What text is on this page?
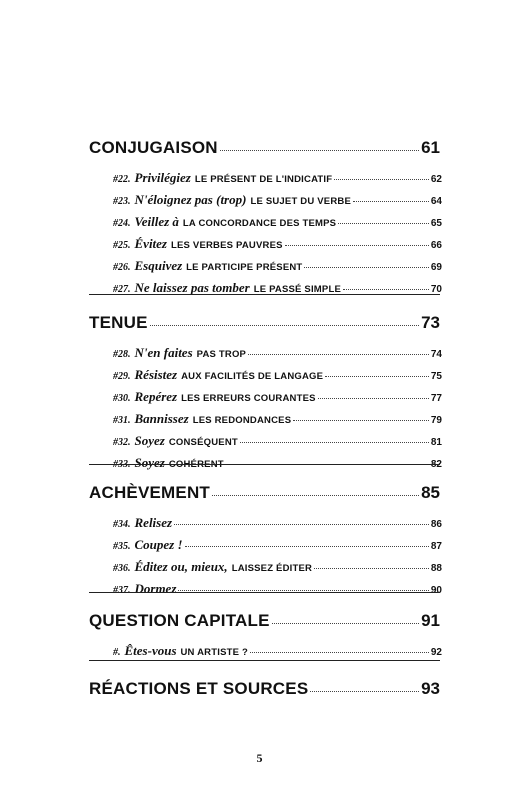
CONJUGAISON	61
#22. Privilégiez LE PRÉSENT DE L'INDICATIF	62
#23. N'éloignez pas (trop) LE SUJET DU VERBE	64
#24. Veillez à LA CONCORDANCE DES TEMPS	65
#25. Évitez LES VERBES PAUVRES	66
#26. Esquivez LE PARTICIPE PRÉSENT	69
#27. Ne laissez pas tomber LE PASSÉ SIMPLE	70
TENUE	73
#28. N'en faites PAS TROP	74
#29. Résistez AUX FACILITÉS DE LANGAGE	75
#30. Repérez LES ERREURS COURANTES	77
#31. Bannissez LES REDONDANCES	79
#32. Soyez CONSÉQUENT	81
#33. Soyez COHÉRENT	82
ACHÈVEMENT	85
#34. Relisez	86
#35. Coupez !	87
#36. Éditez ou, mieux, LAISSEZ ÉDITER	88
#37. Dormez	90
QUESTION CAPITALE	91
#. Êtes-vous UN ARTISTE ?	92
RÉACTIONS ET SOURCES	93
5
